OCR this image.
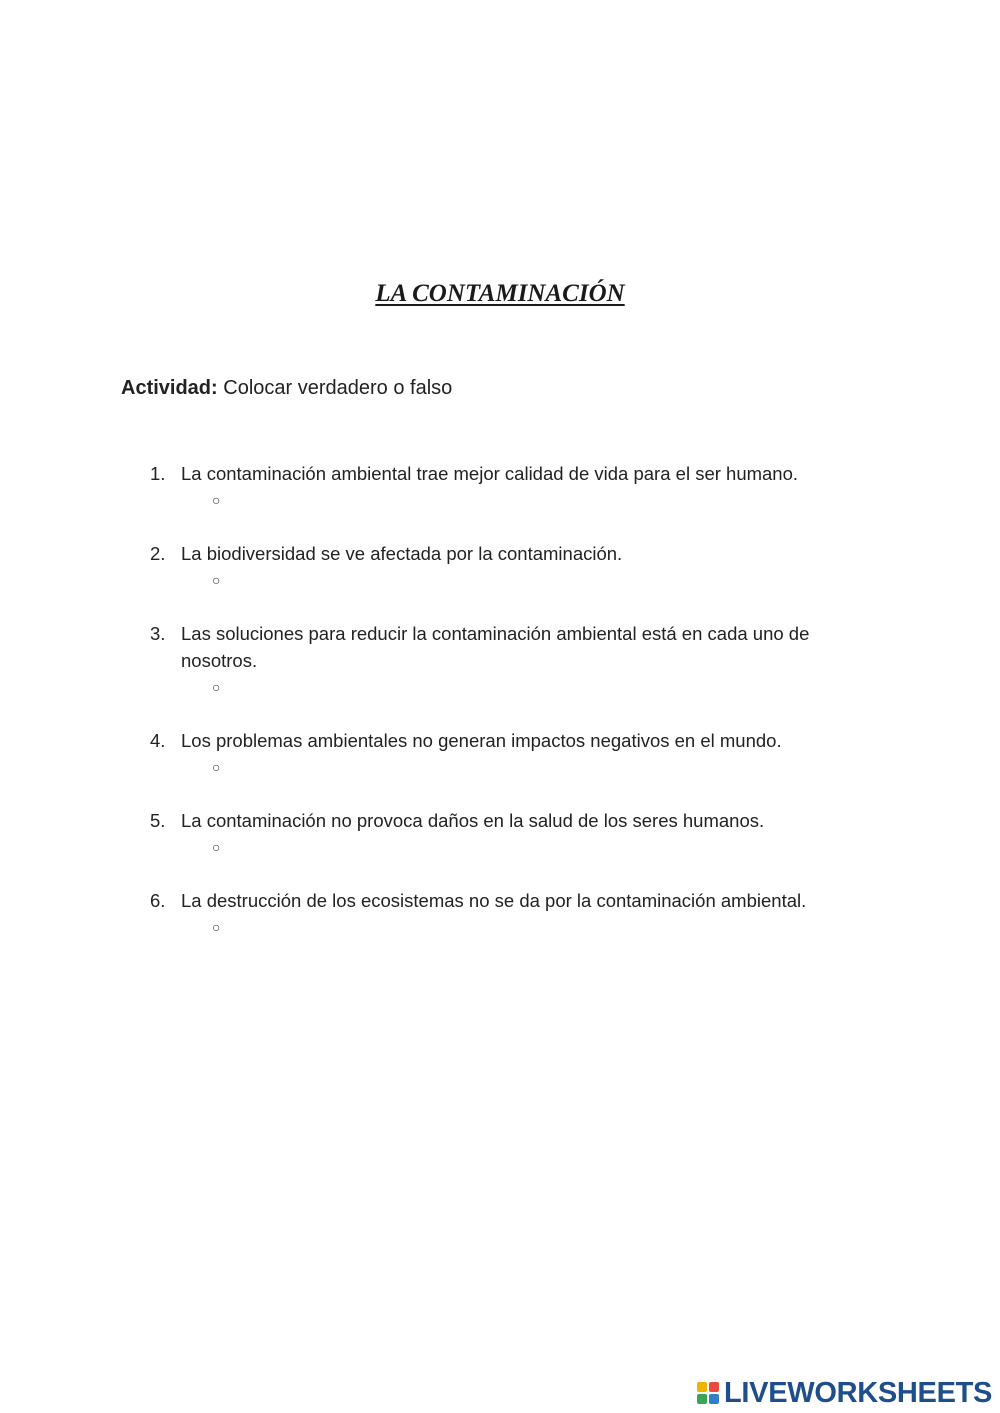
LA CONTAMINACIÓN
Actividad: Colocar verdadero o falso
1. La contaminación ambiental trae mejor calidad de vida para el ser humano.
○
2. La biodiversidad se ve afectada por la contaminación.
○
3. Las soluciones para reducir la contaminación ambiental está en cada uno de nosotros.
○
4. Los problemas ambientales no generan impactos negativos en el mundo.
○
5. La contaminación no provoca daños en la salud de los seres humanos.
○
6. La destrucción de los ecosistemas no se da por la contaminación ambiental.
○
LIVEWORKSHEETS
